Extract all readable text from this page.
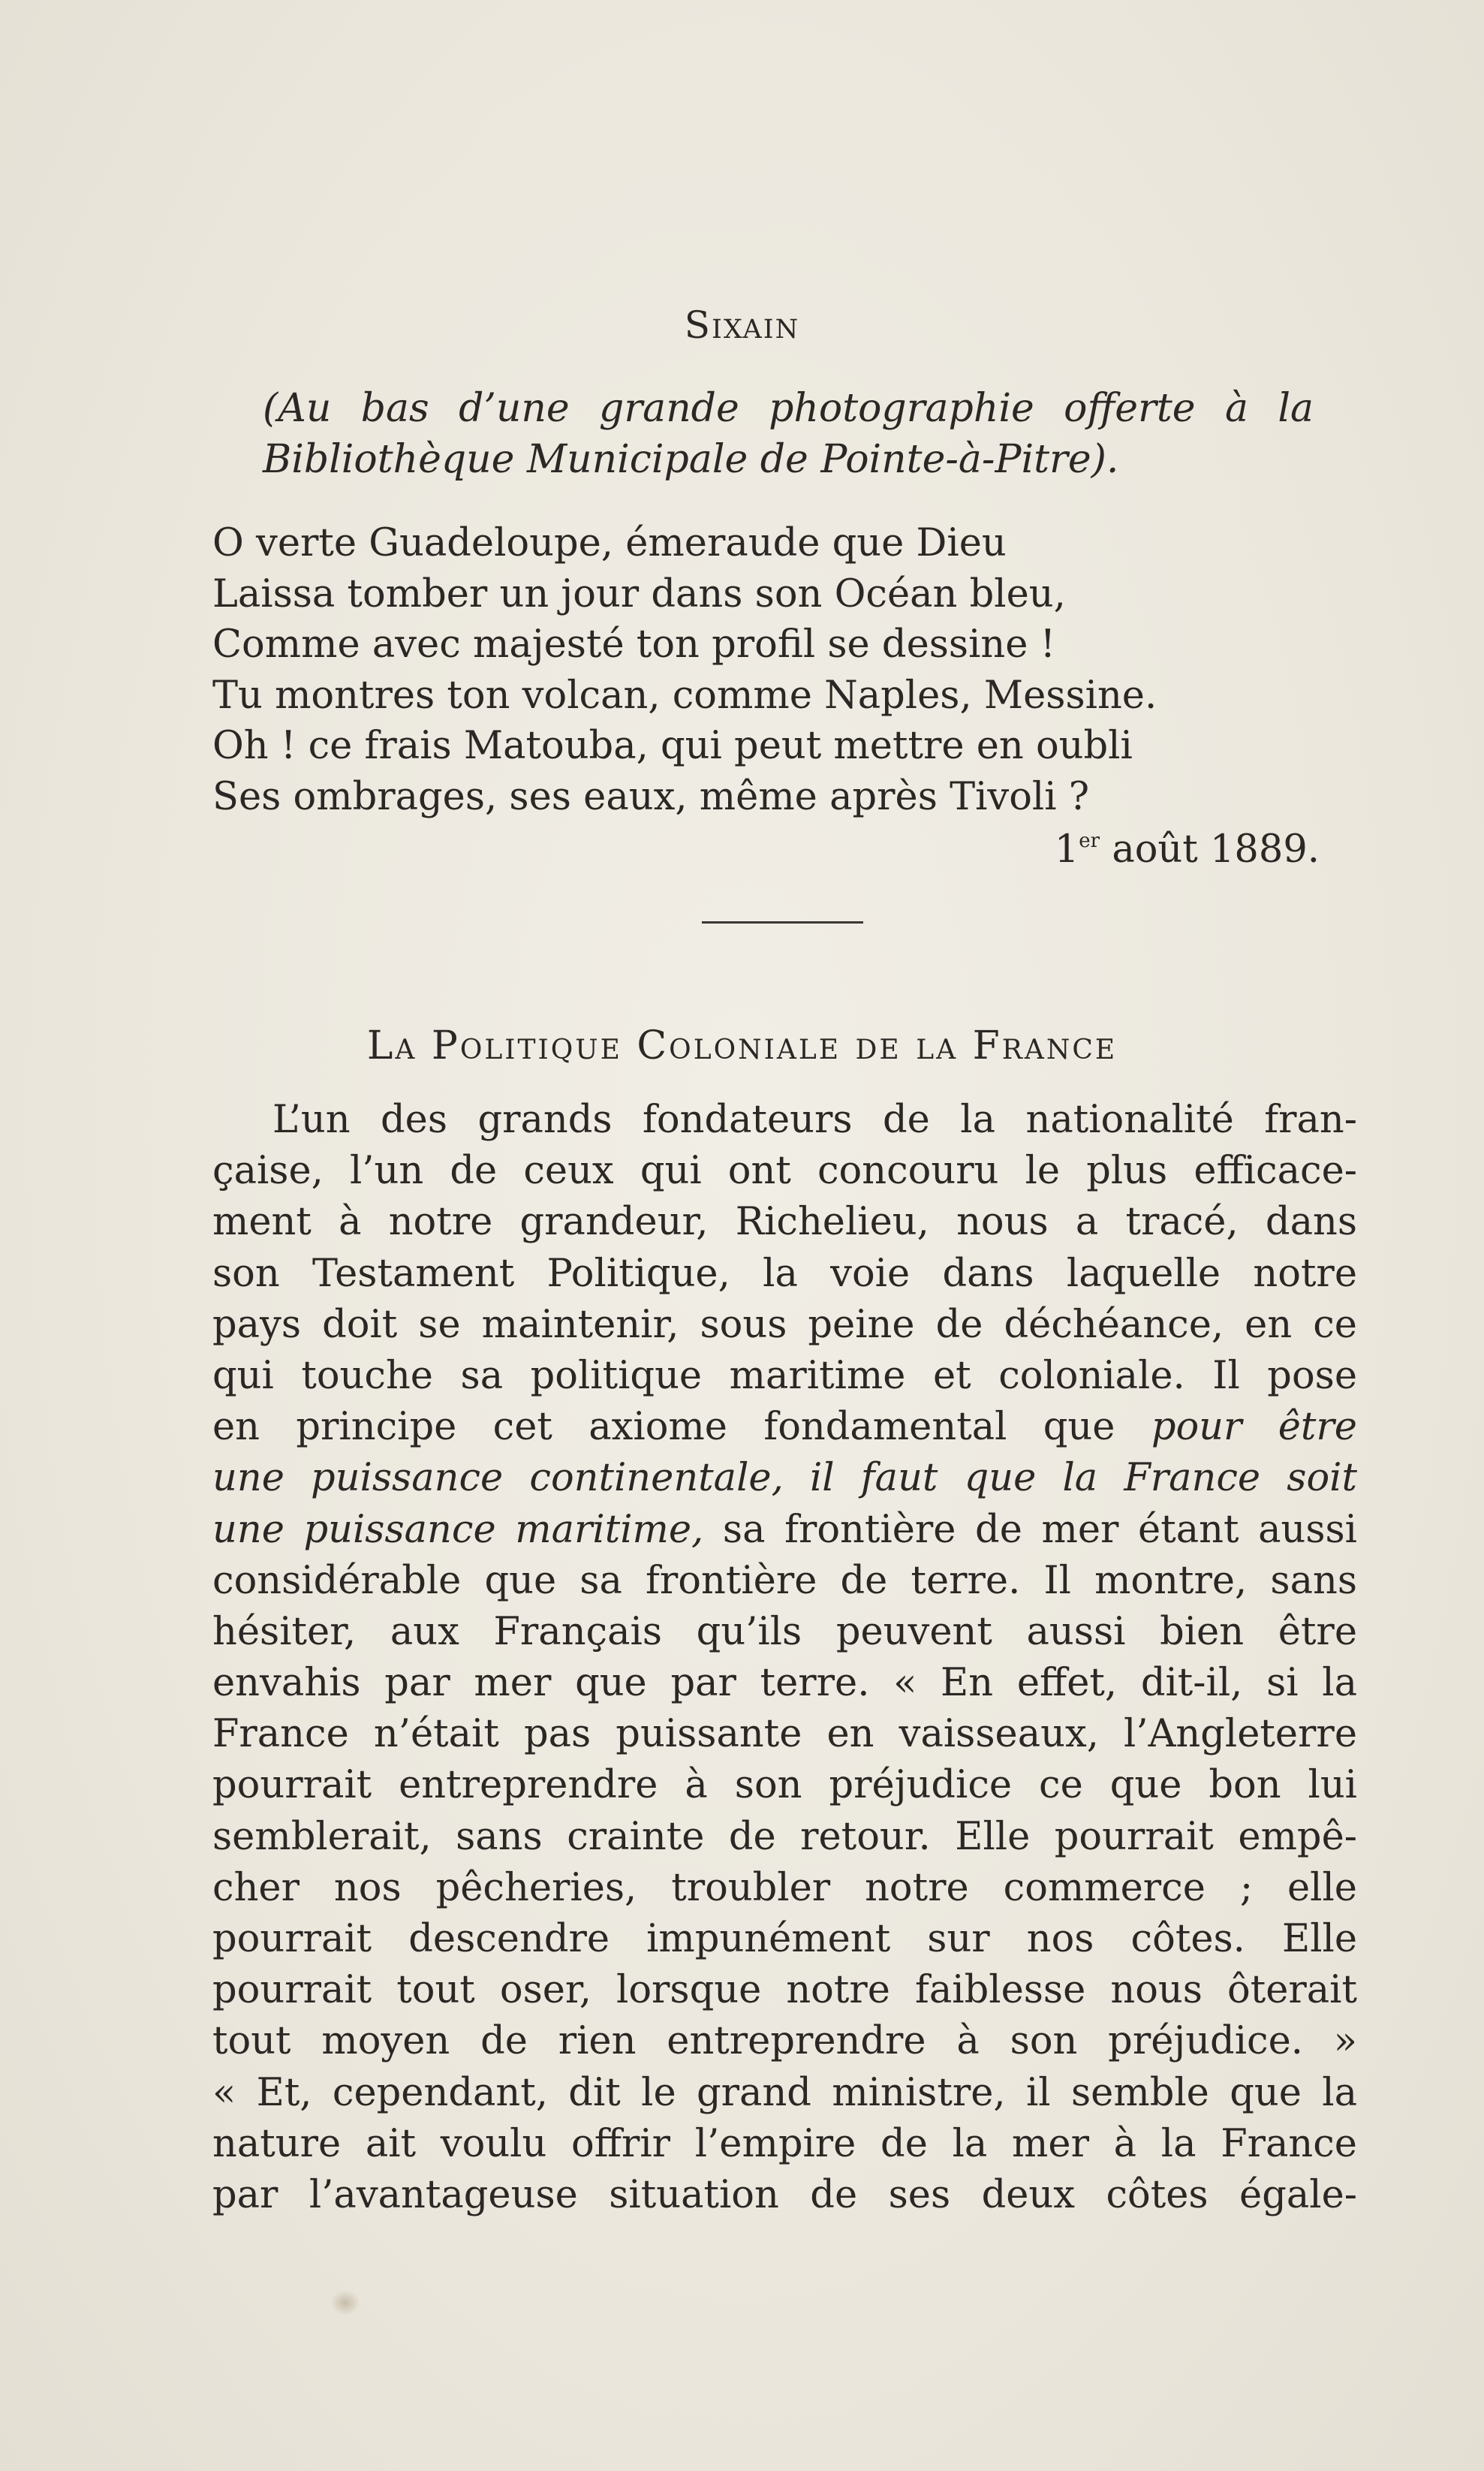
Sixain
(Au bas d’une grande photographie offerte à la
Bibliothèque Municipale de Pointe-à-Pitre).
O verte Guadeloupe, émeraude que Dieu
Laissa tomber un jour dans son Océan bleu,
Comme avec majesté ton profil se dessine !
Tu montres ton volcan, comme Naples, Messine.
Oh ! ce frais Matouba, qui peut mettre en oubli
Ses ombrages, ses eaux, même après Tivoli ?
1er août 1889.
La Politique Coloniale de la France
L’un des grands fondateurs de la nationalité fran-
çaise, l’un de ceux qui ont concouru le plus efficace-
ment à notre grandeur, Richelieu, nous a tracé, dans
son Testament Politique, la voie dans laquelle notre
pays doit se maintenir, sous peine de déchéance, en ce
qui touche sa politique maritime et coloniale. Il pose
en principe cet axiome fondamental que pour être
une puissance continentale, il faut que la France soit
une puissance maritime, sa frontière de mer étant aussi
considérable que sa frontière de terre. Il montre, sans
hésiter, aux Français qu’ils peuvent aussi bien être
envahis par mer que par terre. « En effet, dit-il, si la
France n’était pas puissante en vaisseaux, l’Angleterre
pourrait entreprendre à son préjudice ce que bon lui
semblerait, sans crainte de retour. Elle pourrait empê-
cher nos pêcheries, troubler notre commerce ; elle
pourrait descendre impunément sur nos côtes. Elle
pourrait tout oser, lorsque notre faiblesse nous ôterait
tout moyen de rien entreprendre à son préjudice. »
« Et, cependant, dit le grand ministre, il semble que la
nature ait voulu offrir l’empire de la mer à la France
par l’avantageuse situation de ses deux côtes égale-
